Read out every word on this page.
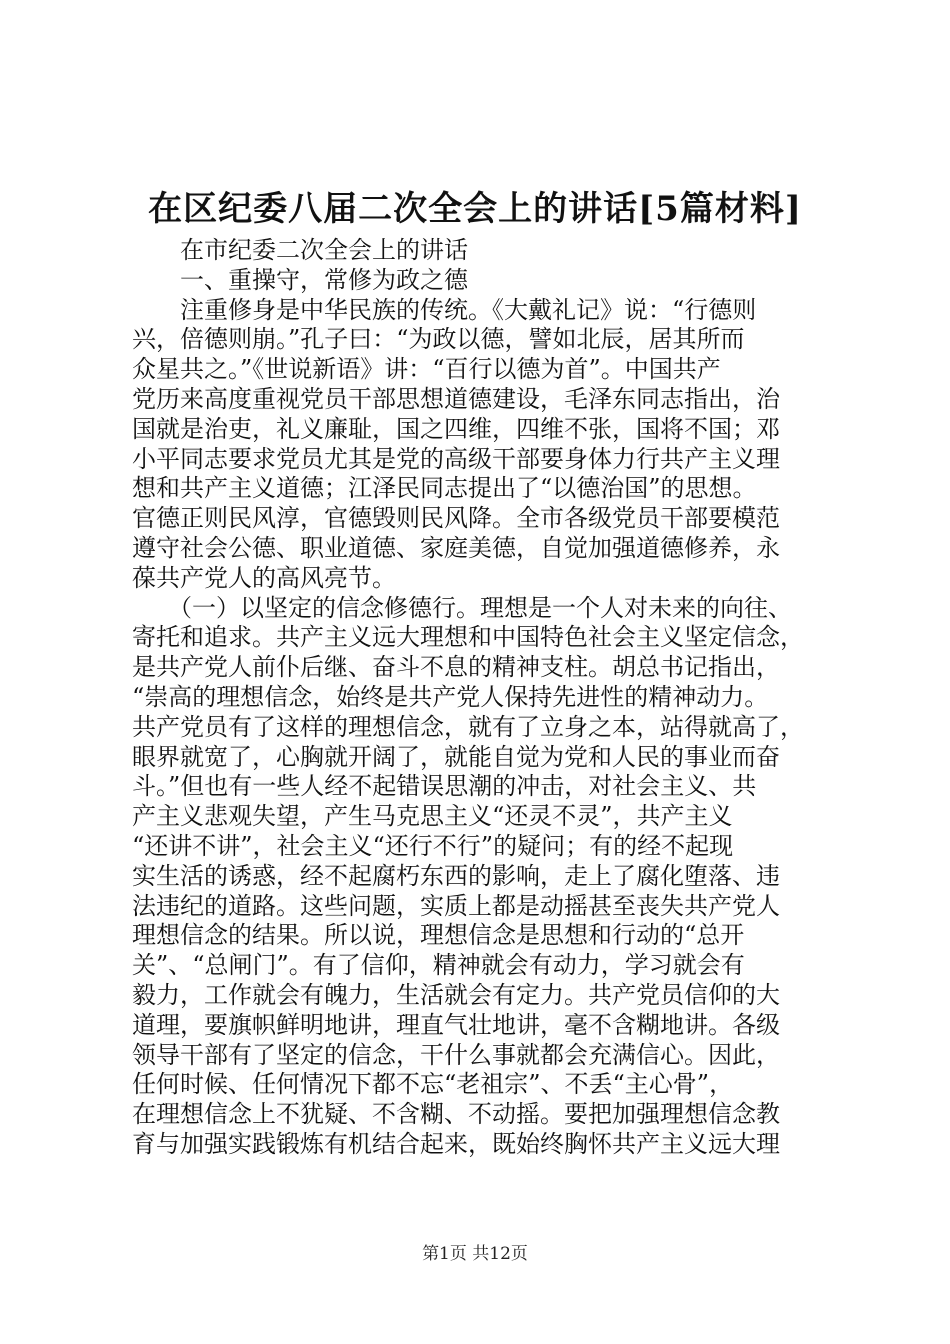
在区纪委八届二次全会上的讲话[5篇材料]
在市纪委二次全会上的讲话
一、重操守，常修为政之德
　　注重修身是中华民族的传统。《大戴礼记》说：“行德则
兴，倍德则崩。”孔子曰：“为政以德，譬如北辰，居其所而
众星共之。”《世说新语》讲：“百行以德为首”。中国共产
党历来高度重视党员干部思想道德建设，毛泽东同志指出，治
国就是治吏，礼义廉耻，国之四维，四维不张，国将不国；邓
小平同志要求党员尤其是党的高级干部要身体力行共产主义理
想和共产主义道德；江泽民同志提出了“以德治国”的思想。
官德正则民风淳，官德毁则民风降。全市各级党员干部要模范
遵守社会公德、职业道德、家庭美德，自觉加强道德修养，永
葆共产党人的高风亮节。
　　（一）以坚定的信念修德行。理想是一个人对未来的向往、
寄托和追求。共产主义远大理想和中国特色社会主义坚定信念，
是共产党人前仆后继、奋斗不息的精神支柱。胡总书记指出，
“崇高的理想信念，始终是共产党人保持先进性的精神动力。
共产党员有了这样的理想信念，就有了立身之本，站得就高了，
眼界就宽了，心胸就开阔了，就能自觉为党和人民的事业而奋
斗。”但也有一些人经不起错误思潮的冲击，对社会主义、共
产主义悲观失望，产生马克思主义“还灵不灵”，共产主义
“还讲不讲”，社会主义“还行不行”的疑问；有的经不起现
实生活的诱惑，经不起腐朽东西的影响，走上了腐化堕落、违
法违纪的道路。这些问题，实质上都是动摇甚至丧失共产党人
理想信念的结果。所以说，理想信念是思想和行动的“总开
关”、“总闸门”。有了信仰，精神就会有动力，学习就会有
毅力，工作就会有魄力，生活就会有定力。共产党员信仰的大
道理，要旗帜鲜明地讲，理直气壮地讲，毫不含糊地讲。各级
领导干部有了坚定的信念，干什么事就都会充满信心。因此，
任何时候、任何情况下都不忘“老祖宗”、不丢“主心骨”，
在理想信念上不犹疑、不含糊、不动摇。要把加强理想信念教
育与加强实践锻炼有机结合起来，既始终胸怀共产主义远大理
第1页 共12页
